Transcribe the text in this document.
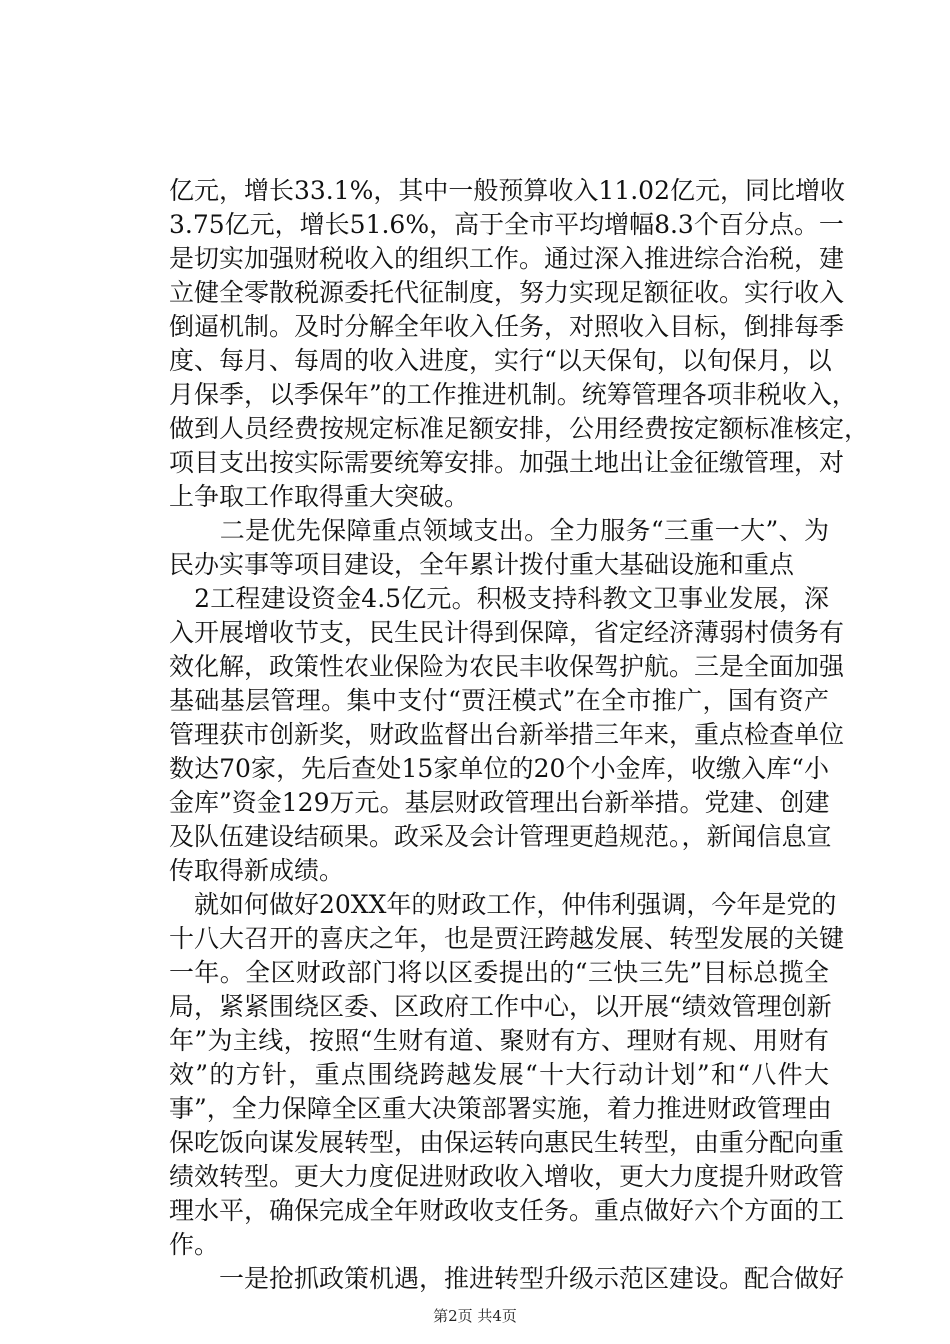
亿元，增长33.1%，其中一般预算收入11.02亿元，同比增收
3.75亿元，增长51.6%，高于全市平均增幅8.3个百分点。一
是切实加强财税收入的组织工作。通过深入推进综合治税，建
立健全零散税源委托代征制度，努力实现足额征收。实行收入
倒逼机制。及时分解全年收入任务，对照收入目标，倒排每季
度、每月、每周的收入进度，实行“以天保旬，以旬保月，以
月保季，以季保年”的工作推进机制。统筹管理各项非税收入，
做到人员经费按规定标准足额安排，公用经费按定额标准核定，
项目支出按实际需要统筹安排。加强土地出让金征缴管理，对
上争取工作取得重大突破。
　　二是优先保障重点领域支出。全力服务“三重一大”、为
民办实事等项目建设，全年累计拨付重大基础设施和重点
　2工程建设资金4.5亿元。积极支持科教文卫事业发展，深
入开展增收节支，民生民计得到保障，省定经济薄弱村债务有
效化解，政策性农业保险为农民丰收保驾护航。三是全面加强
基础基层管理。集中支付“贾汪模式”在全市推广，国有资产
管理获市创新奖，财政监督出台新举措三年来，重点检查单位
数达70家，先后查处15家单位的20个小金库，收缴入库“小
金库”资金129万元。基层财政管理出台新举措。党建、创建
及队伍建设结硕果。政采及会计管理更趋规范。，新闻信息宣
传取得新成绩。
　就如何做好20XX年的财政工作，仲伟利强调，今年是党的
十八大召开的喜庆之年，也是贾汪跨越发展、转型发展的关键
一年。全区财政部门将以区委提出的“三快三先”目标总揽全
局，紧紧围绕区委、区政府工作中心，以开展“绩效管理创新
年”为主线，按照“生财有道、聚财有方、理财有规、用财有
效”的方针，重点围绕跨越发展“十大行动计划”和“八件大
事”，全力保障全区重大决策部署实施，着力推进财政管理由
保吃饭向谋发展转型，由保运转向惠民生转型，由重分配向重
绩效转型。更大力度促进财政收入增收，更大力度提升财政管
理水平，确保完成全年财政收支任务。重点做好六个方面的工
作。
第2页 共4页
　　一是抢抓政策机遇，推进转型升级示范区建设。配合做好
